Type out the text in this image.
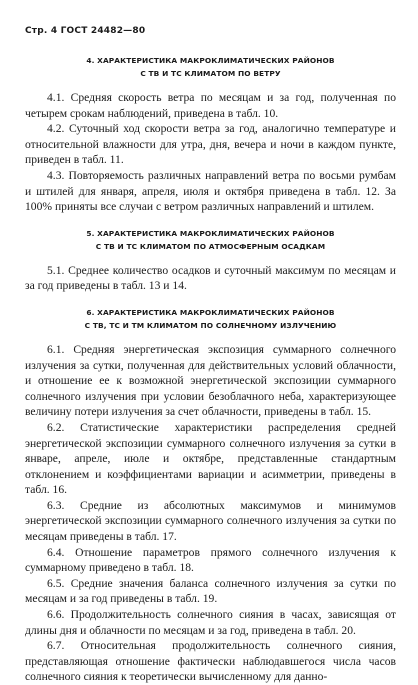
Стр. 4 ГОСТ 24482—80
4. ХАРАКТЕРИСТИКА МАКРОКЛИМАТИЧЕСКИХ РАЙОНОВ
С ТВ И ТС КЛИМАТОМ ПО ВЕТРУ

4.1. Средняя скорость ветра по месяцам и за год, полученная по четырем срокам наблюдений, приведена в табл. 10.

4.2. Суточный ход скорости ветра за год, аналогично температуре и относительной влажности для утра, дня, вечера и ночи в каждом пункте, приведен в табл. 11.

4.3. Повторяемость различных направлений ветра по восьми румбам и штилей для января, апреля, июля и октября приведена в табл. 12. За 100% приняты все случаи с ветром различных направлений и штилем.

5. ХАРАКТЕРИСТИКА МАКРОКЛИМАТИЧЕСКИХ РАЙОНОВ
С ТВ И ТС КЛИМАТОМ ПО АТМОСФЕРНЫМ ОСАДКАМ

5.1. Среднее количество осадков и суточный максимум по месяцам и за год приведены в табл. 13 и 14.

6. ХАРАКТЕРИСТИКА МАКРОКЛИМАТИЧЕСКИХ РАЙОНОВ
С ТВ, ТС И ТМ КЛИМАТОМ ПО СОЛНЕЧНОМУ ИЗЛУЧЕНИЮ

6.1. Средняя энергетическая экспозиция суммарного солнечного излучения за сутки, полученная для действительных условий облачности, и отношение ее к возможной энергетической экспозиции суммарного солнечного излучения при условии безоблачного неба, характеризующее величину потери излучения за счет облачности, приведены в табл. 15.

6.2. Статистические характеристики распределения средней энергетической экспозиции суммарного солнечного излучения за сутки в январе, апреле, июле и октябре, представленные стандартным отклонением и коэффициентами вариации и асимметрии, приведены в табл. 16.

6.3. Средние из абсолютных максимумов и минимумов энергетической экспозиции суммарного солнечного излучения за сутки по месяцам приведены в табл. 17.

6.4. Отношение параметров прямого солнечного излучения к суммарному приведено в табл. 18.

6.5. Средние значения баланса солнечного излучения за сутки по месяцам и за год приведены в табл. 19.

6.6. Продолжительность солнечного сияния в часах, зависящая от длины дня и облачности по месяцам и за год, приведена в табл. 20.

6.7. Относительная продолжительность солнечного сияния, представляющая отношение фактически наблюдавшегося числа часов солнечного сияния к теоретически вычисленному для данно-
